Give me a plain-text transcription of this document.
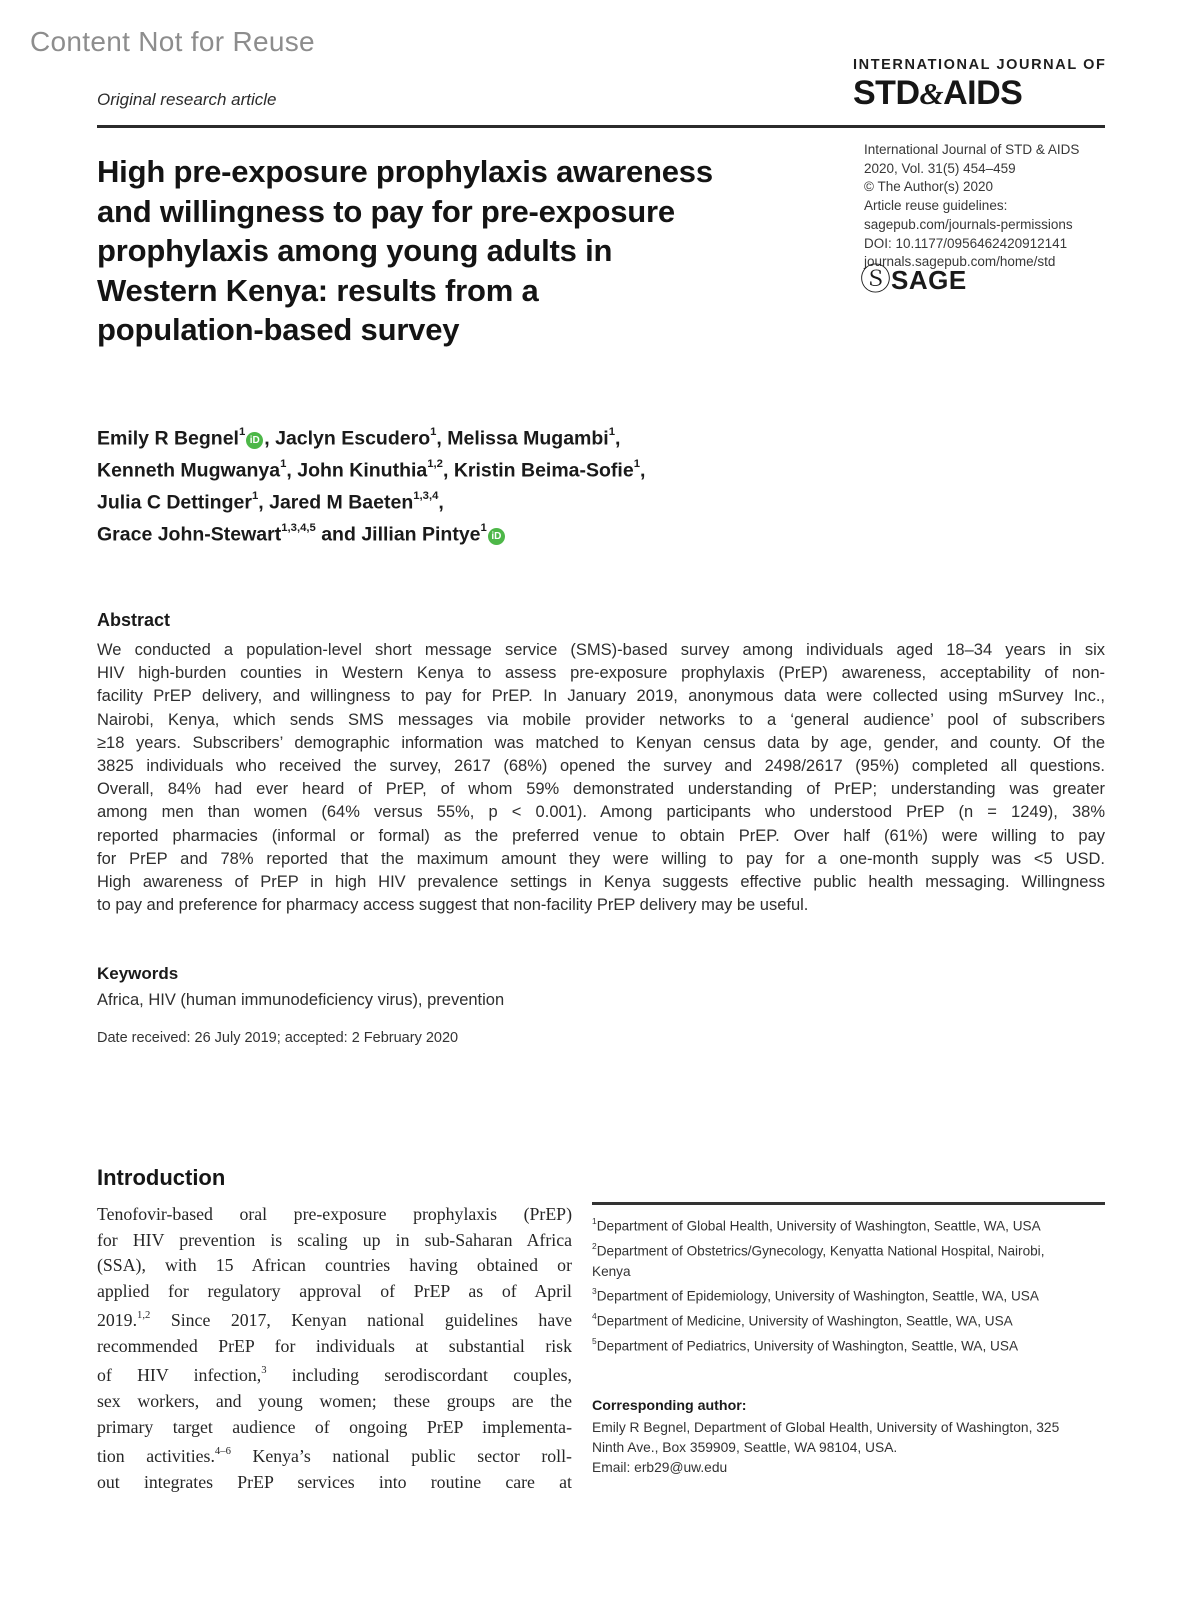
Content Not for Reuse
Original research article
INTERNATIONAL JOURNAL OF
STD&AIDS
International Journal of STD & AIDS
2020, Vol. 31(5) 454–459
© The Author(s) 2020
Article reuse guidelines:
sagepub.com/journals-permissions
DOI: 10.1177/0956462420912141
journals.sagepub.com/home/std
Ⓢ SAGE
High pre-exposure prophylaxis awareness
and willingness to pay for pre-exposure
prophylaxis among young adults in
Western Kenya: results from a
population-based survey
Emily R Begnel$^1$iD , Jaclyn Escudero$^1$, Melissa Mugambi$^1$,
Kenneth Mugwanya$^1$, John Kinuthia$^{1,2}$, Kristin Beima-Sofie$^1$,
Julia C Dettinger$^1$, Jared M Baeten$^{1,3,4}$,
Grace John-Stewart$^{1,3,4,5}$ and Jillian Pintye$^1$iD
Abstract
We conducted a population-level short message service (SMS)-based survey among individuals aged 18–34 years in six
HIV high-burden counties in Western Kenya to assess pre-exposure prophylaxis (PrEP) awareness, acceptability of non-
facility PrEP delivery, and willingness to pay for PrEP. In January 2019, anonymous data were collected using mSurvey Inc.,
Nairobi, Kenya, which sends SMS messages via mobile provider networks to a ‘general audience’ pool of subscribers
≥18 years. Subscribers’ demographic information was matched to Kenyan census data by age, gender, and county. Of the
3825 individuals who received the survey, 2617 (68%) opened the survey and 2498/2617 (95%) completed all questions.
Overall, 84% had ever heard of PrEP, of whom 59% demonstrated understanding of PrEP; understanding was greater
among men than women (64% versus 55%, p < 0.001). Among participants who understood PrEP (n = 1249), 38%
reported pharmacies (informal or formal) as the preferred venue to obtain PrEP. Over half (61%) were willing to pay
for PrEP and 78% reported that the maximum amount they were willing to pay for a one-month supply was <5 USD.
High awareness of PrEP in high HIV prevalence settings in Kenya suggests effective public health messaging. Willingness
to pay and preference for pharmacy access suggest that non-facility PrEP delivery may be useful.
Keywords
Africa, HIV (human immunodeficiency virus), prevention
Date received: 26 July 2019; accepted: 2 February 2020
Introduction
Tenofovir-based oral pre-exposure prophylaxis (PrEP)
for HIV prevention is scaling up in sub-Saharan Africa
(SSA), with 15 African countries having obtained or
applied for regulatory approval of PrEP as of April
2019.$^{1,2}$ Since 2017, Kenyan national guidelines have
recommended PrEP for individuals at substantial risk
of HIV infection,$^3$ including serodiscordant couples,
sex workers, and young women; these groups are the
primary target audience of ongoing PrEP implementa-
tion activities.$^{4-6}$ Kenya’s national public sector roll-
out integrates PrEP services into routine care at
$^1$Department of Global Health, University of Washington, Seattle, WA, USA
$^2$Department of Obstetrics/Gynecology, Kenyatta National Hospital, Nairobi, Kenya
$^3$Department of Epidemiology, University of Washington, Seattle, WA, USA
$^4$Department of Medicine, University of Washington, Seattle, WA, USA
$^5$Department of Pediatrics, University of Washington, Seattle, WA, USA
Corresponding author:
Emily R Begnel, Department of Global Health, University of Washington, 325 Ninth Ave., Box 359909, Seattle, WA 98104, USA.
Email: erb29@uw.edu
